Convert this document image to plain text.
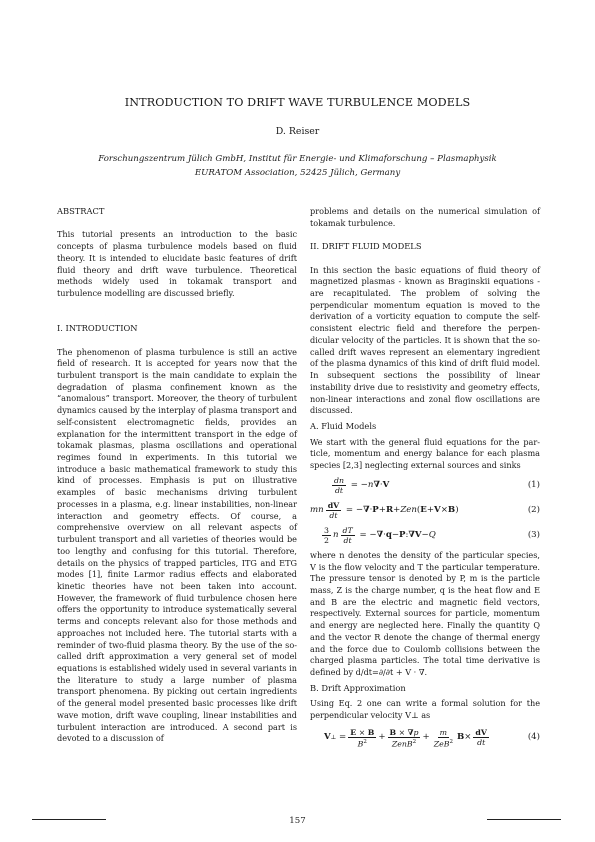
INTRODUCTION TO DRIFT WAVE TURBULENCE MODELS
D. Reiser
Forschungszentrum Jülich GmbH, Institut für Energie- und Klimaforschung – Plasmaphysik
EURATOM Association, 52425 Jülich, Germany
ABSTRACT

This tutorial presents an introduction to the basic concepts of plasma turbulence models based on fluid theory. It is intended to elucidate basic features of drift fluid theory and drift wave turbulence. Theoretical methods widely used in tokamak transport and turbulence modelling are discussed briefly.

I. INTRODUCTION

The phenomenon of plasma turbulence is still an active field of research. It is accepted for years now that the turbulent transport is the main candidate to explain the degradation of plasma confinement known as the “anomalous” transport. Moreover, the theory of turbulent dynamics caused by the interplay of plasma transport and self-consistent electromagnetic fields, provides an explanation for the intermittent transport in the edge of tokamak plasmas, plasma oscillations and operational regimes found in experiments. In this tutorial we introduce a basic mathematical framework to study this kind of processes. Emphasis is put on illustrative examples of basic mechanisms driving turbulent processes in a plasma, e.g. linear instabilities, non-linear interaction and geometry effects. Of course, a comprehensive overview on all relevant aspects of turbulent transport and all varieties of theories would be too lengthy and confusing for this tutorial. Therefore, details on the physics of trapped particles, ITG and ETG modes [1], finite Larmor radius effects and elaborated kinetic theories have not been taken into account. However, the framework of fluid turbulence chosen here offers the opportunity to introduce systematically several terms and concepts relevant also for those methods and approaches not included here. The tutorial starts with a reminder of two-fluid plasma theory. By the use of the so-called drift approximation a very general set of model equations is established widely used in several variants in the literature to study a large number of plasma transport phenomena. By picking out certain ingredients of the general model presented basic processes like drift wave motion, drift wave coupling, linear instabilities and turbulent interaction are introduced. A second part is devoted to a discussion of

problems and details on the numerical simulation of tokamak turbulence.

II. DRIFT FLUID MODELS

In this section the basic equations of fluid theory of magnetized plasmas - known as Braginskii equations - are recapitulated. The problem of solving the perpendicular momentum equation is moved to the derivation of a vorticity equation to compute the self-consistent electric field and therefore the perpendicular velocity of the particles. It is shown that the so-called drift waves represent an elementary ingredient of the plasma dynamics of this kind of drift fluid model. In subsequent sections the possibility of linear instability drive due to resistivity and geometry effects, non-linear interactions and zonal flow oscillations are discussed.

A. Fluid Models

We start with the general fluid equations for the particle, momentum and energy balance for each plasma species [2,3] neglecting external sources and sinks

$\frac{dn}{dt}$ = − n ∇ · V	(1)
mn $\frac{dV}{dt}$ = − ∇ · P + R + Zen ( E + V × B )	(2)
$\frac{3}{2}$ n $\frac{dT}{dt}$ = − ∇ · q − P : ∇V − Q	(3)

where n denotes the density of the particular species, V is the flow velocity and T the particular temperature. The pressure tensor is denoted by P, m is the particle mass, Z is the charge number, q is the heat flow and E and B are the electric and magnetic field vectors, respectively. External sources for particle, momentum and energy are neglected here. Finally the quantity Q and the vector R denote the change of thermal energy and the force due to Coulomb collisions between the charged plasma particles. The total time derivative is defined by d/dt=∂/∂t + V · ∇.

B. Drift Approximation

Using Eq. 2 one can write a formal solution for the perpendicular velocity V⊥ as

V ⊥ = $\frac{E \times B}{B^2} + \frac{B \times \nabla p}{ZenB^2} + \frac{m}{ZeB^2}$ $B \times \frac{dV}{dt}$	(4)
157
